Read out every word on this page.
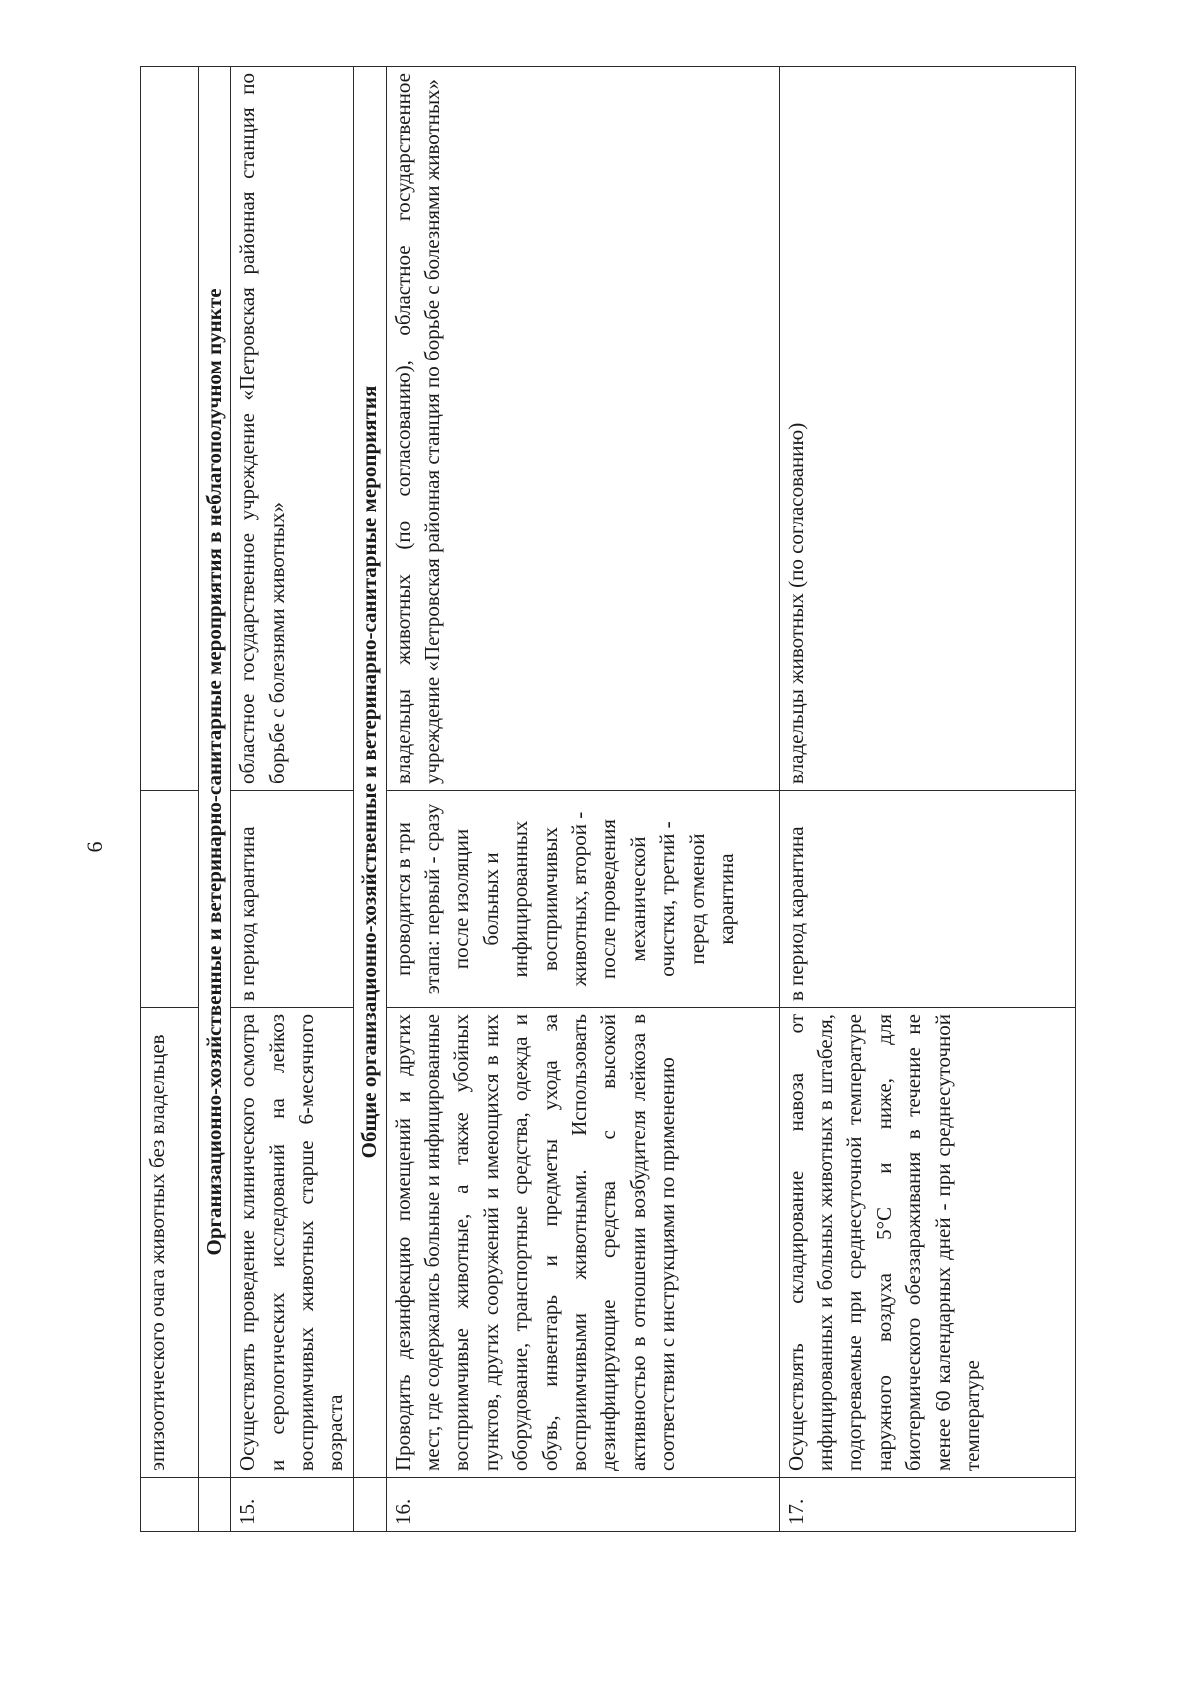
6
	эпизоотического очага животных без владельцев		
	Организационно-хозяйственные и ветеринарно-санитарные мероприятия в неблагополучном пункте		
15.	Осуществлять проведение клинического осмотра и серологических исследований на лейкоз восприимчивых животных старше 6-месячного возраста	в период карантина	областное государственное учреждение «Петровская районная станция по борьбе с болезнями животных»
	Общие организационно-хозяйственные и ветеринарно-санитарные мероприятия		
16.	Проводить дезинфекцию помещений и других мест, где содержались больные и инфицированные восприимчивые животные, а также убойных пунктов, других сооружений и имеющихся в них оборудование, транспортные средства, одежда и обувь, инвентарь и предметы ухода за восприимчивыми животными. Использовать дезинфицирующие средства с высокой активностью в отношении возбудителя лейкоза в соответствии с инструкциями по применению	проводится в три этапа: первый - сразу после изоляции больных и инфицированных восприимчивых животных, второй - после проведения механической очистки, третий - перед отменой карантина	владельцы животных (по согласованию), областное государственное учреждение «Петровская районная станция по борьбе с болезнями животных»
17.	Осуществлять складирование навоза от инфицированных и больных животных в штабеля, подогреваемые при среднесуточной температуре наружного воздуха 5°С и ниже, для биотермического обеззараживания в течение не менее 60 календарных дней - при среднесуточной температуре	в период карантина	владельцы животных (по согласованию)
